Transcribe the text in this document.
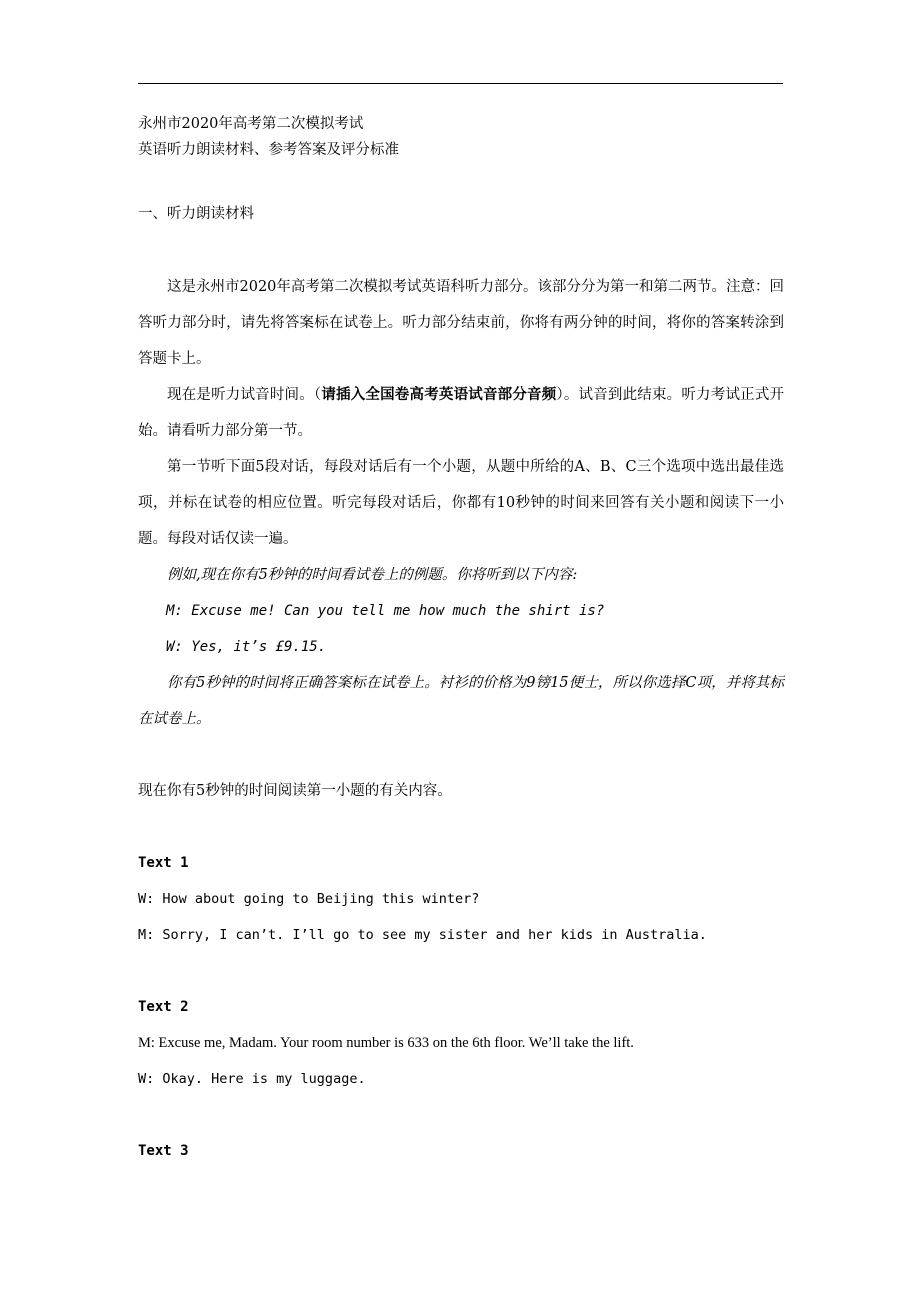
永州市2020年高考第二次模拟考试

英语听力朗读材料、参考答案及评分标准

一、听力朗读材料

这是永州市2020年高考第二次模拟考试英语科听力部分。该部分分为第一和第二两节。注意：回答听力部分时，请先将答案标在试卷上。听力部分结束前，你将有两分钟的时间，将你的答案转涂到答题卡上。

现在是听力试音时间。（请插入全国卷高考英语试音部分音频）。试音到此结束。听力考试正式开始。请看听力部分第一节。

第一节听下面5段对话，每段对话后有一个小题，从题中所给的A、B、C三个选项中选出最佳选项，并标在试卷的相应位置。听完每段对话后，你都有10秒钟的时间来回答有关小题和阅读下一小题。每段对话仅读一遍。

例如,现在你有5秒钟的时间看试卷上的例题。你将听到以下内容:

M: Excuse me! Can you tell me how much the shirt is?

W: Yes, it’s £9.15.

你有5秒钟的时间将正确答案标在试卷上。衬衫的价格为9镑15便士，所以你选择C项，并将其标在试卷上。

现在你有5秒钟的时间阅读第一小题的有关内容。

Text 1

W: How about going to Beijing this winter?

M: Sorry, I can’t. I’ll go to see my sister and her kids in Australia.

Text 2

M: Excuse me, Madam. Your room number is 633 on the 6th floor. We’ll take the lift.

W: Okay. Here is my luggage.

Text 3
